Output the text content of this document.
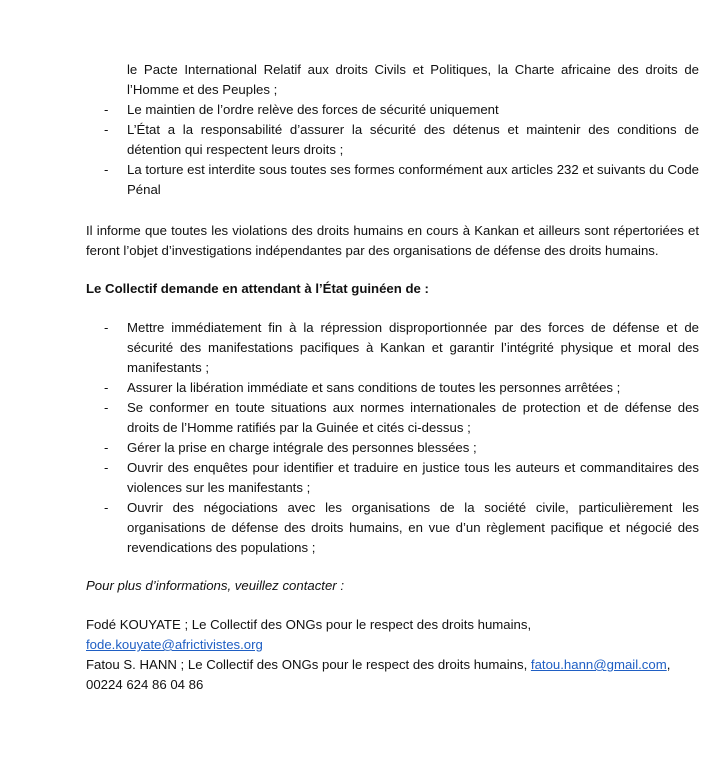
le Pacte International Relatif aux droits Civils et Politiques, la Charte africaine des droits de l’Homme et des Peuples ;
- Le maintien de l’ordre relève des forces de sécurité uniquement
- L’État a la responsabilité d’assurer la sécurité des détenus et maintenir des conditions de détention qui respectent leurs droits ;
- La torture est interdite sous toutes ses formes conformément aux articles 232 et suivants du Code Pénal

Il informe que toutes les violations des droits humains en cours à Kankan et ailleurs sont répertoriées et feront l’objet d’investigations indépendantes par des organisations de défense des droits humains.

Le Collectif demande en attendant à l’État guinéen de :

- Mettre immédiatement fin à la répression disproportionnée par des forces de défense et de sécurité des manifestations pacifiques à Kankan et garantir l’intégrité physique et moral des manifestants ;
- Assurer la libération immédiate et sans conditions de toutes les personnes arrêtées ;
- Se conformer en toute situations aux normes internationales de protection et de défense des droits de l’Homme ratifiés par la Guinée et cités ci-dessus ;
- Gérer la prise en charge intégrale des personnes blessées ;
- Ouvrir des enquêtes pour identifier et traduire en justice tous les auteurs et commanditaires des violences sur les manifestants ;
- Ouvrir des négociations avec les organisations de la société civile, particulièrement les organisations de défense des droits humains, en vue d’un règlement pacifique et négocié des revendications des populations ;

Pour plus d’informations, veuillez contacter :

Fodé KOUYATE ; Le Collectif des ONGs pour le respect des droits humains, fode.kouyate@africtivistes.org

Fatou S. HANN ; Le Collectif des ONGs pour le respect des droits humains, fatou.hann@gmail.com, 00224 624 86 04 86
